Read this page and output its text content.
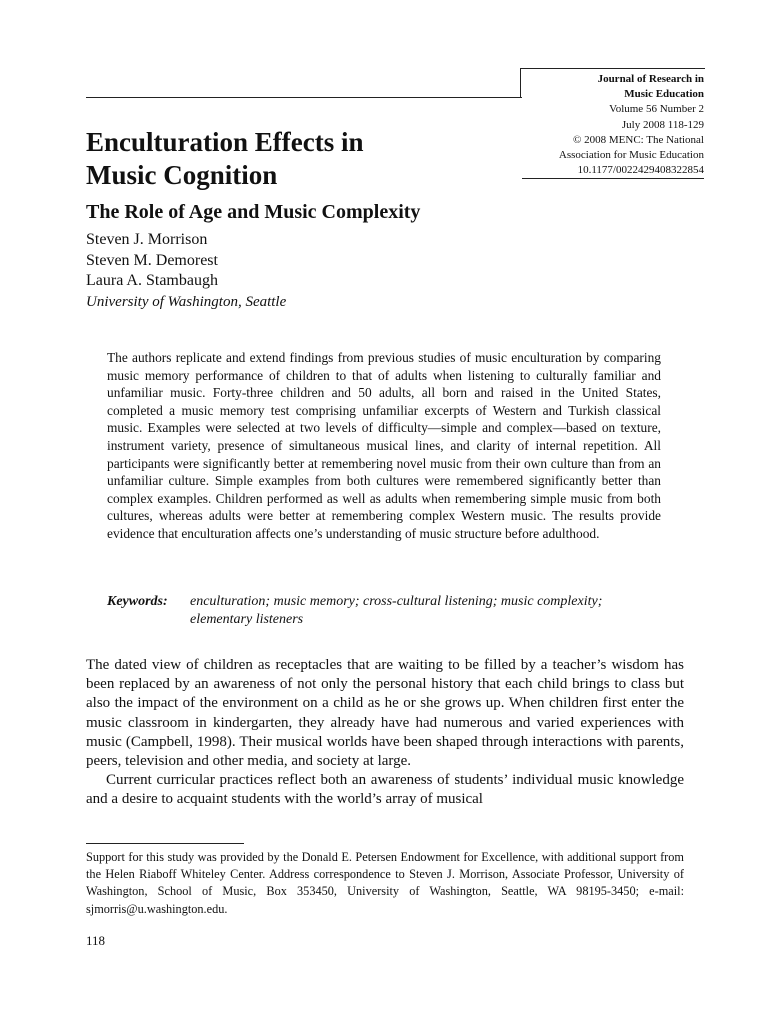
Journal of Research in
Music Education
Volume 56 Number 2
July 2008 118-129
© 2008 MENC: The National
Association for Music Education
10.1177/0022429408322854
Enculturation Effects in
Music Cognition
The Role of Age and Music Complexity
Steven J. Morrison
Steven M. Demorest
Laura A. Stambaugh
University of Washington, Seattle
The authors replicate and extend findings from previous studies of music enculturation by comparing music memory performance of children to that of adults when listening to culturally familiar and unfamiliar music. Forty-three children and 50 adults, all born and raised in the United States, completed a music memory test comprising unfamiliar excerpts of Western and Turkish classical music. Examples were selected at two levels of difficulty—simple and complex—based on texture, instrument variety, presence of simultaneous musical lines, and clarity of internal repetition. All participants were significantly better at remembering novel music from their own culture than from an unfamiliar culture. Simple examples from both cultures were remembered significantly better than complex examples. Children performed as well as adults when remembering simple music from both cultures, whereas adults were better at remembering complex Western music. The results provide evidence that enculturation affects one’s understanding of music structure before adulthood.
Keywords: enculturation; music memory; cross-cultural listening; music complexity; elementary listeners

The dated view of children as receptacles that are waiting to be filled by a teacher’s wisdom has been replaced by an awareness of not only the personal history that each child brings to class but also the impact of the environment on a child as he or she grows up. When children first enter the music classroom in kindergarten, they already have had numerous and varied experiences with music (Campbell, 1998). Their musical worlds have been shaped through interactions with parents, peers, television and other media, and society at large.

Current curricular practices reflect both an awareness of students’ individual music knowledge and a desire to acquaint students with the world’s array of musical

Support for this study was provided by the Donald E. Petersen Endowment for Excellence, with additional support from the Helen Riaboff Whiteley Center. Address correspondence to Steven J. Morrison, Associate Professor, University of Washington, School of Music, Box 353450, University of Washington, Seattle, WA 98195-3450; e-mail: sjmorris@u.washington.edu.
118
